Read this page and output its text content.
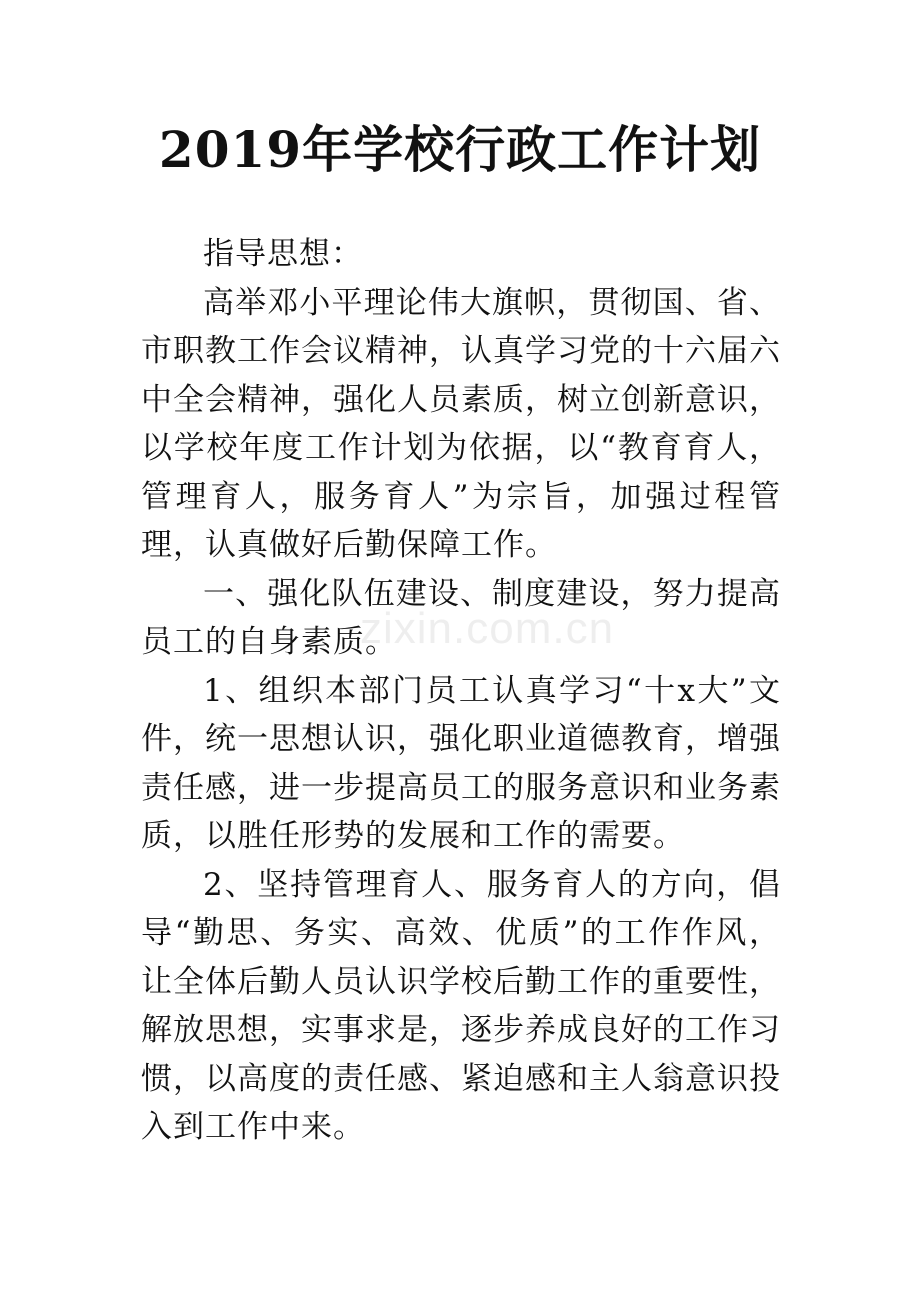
2019年学校行政工作计划

指导思想：

高举邓小平理论伟大旗帜，贯彻国、省、市职教工作会议精神，认真学习党的十六届六中全会精神，强化人员素质，树立创新意识，以学校年度工作计划为依据，以“教育育人，管理育人，服务育人”为宗旨，加强过程管理，认真做好后勤保障工作。

一、强化队伍建设、制度建设，努力提高员工的自身素质。

1、组织本部门员工认真学习“十x大”文件，统一思想认识，强化职业道德教育，增强责任感，进一步提高员工的服务意识和业务素质，以胜任形势的发展和工作的需要。

2、坚持管理育人、服务育人的方向，倡导“勤思、务实、高效、优质”的工作作风，让全体后勤人员认识学校后勤工作的重要性，解放思想，实事求是，逐步养成良好的工作习惯，以高度的责任感、紧迫感和主人翁意识投入到工作中来。

zixin.com.cn
